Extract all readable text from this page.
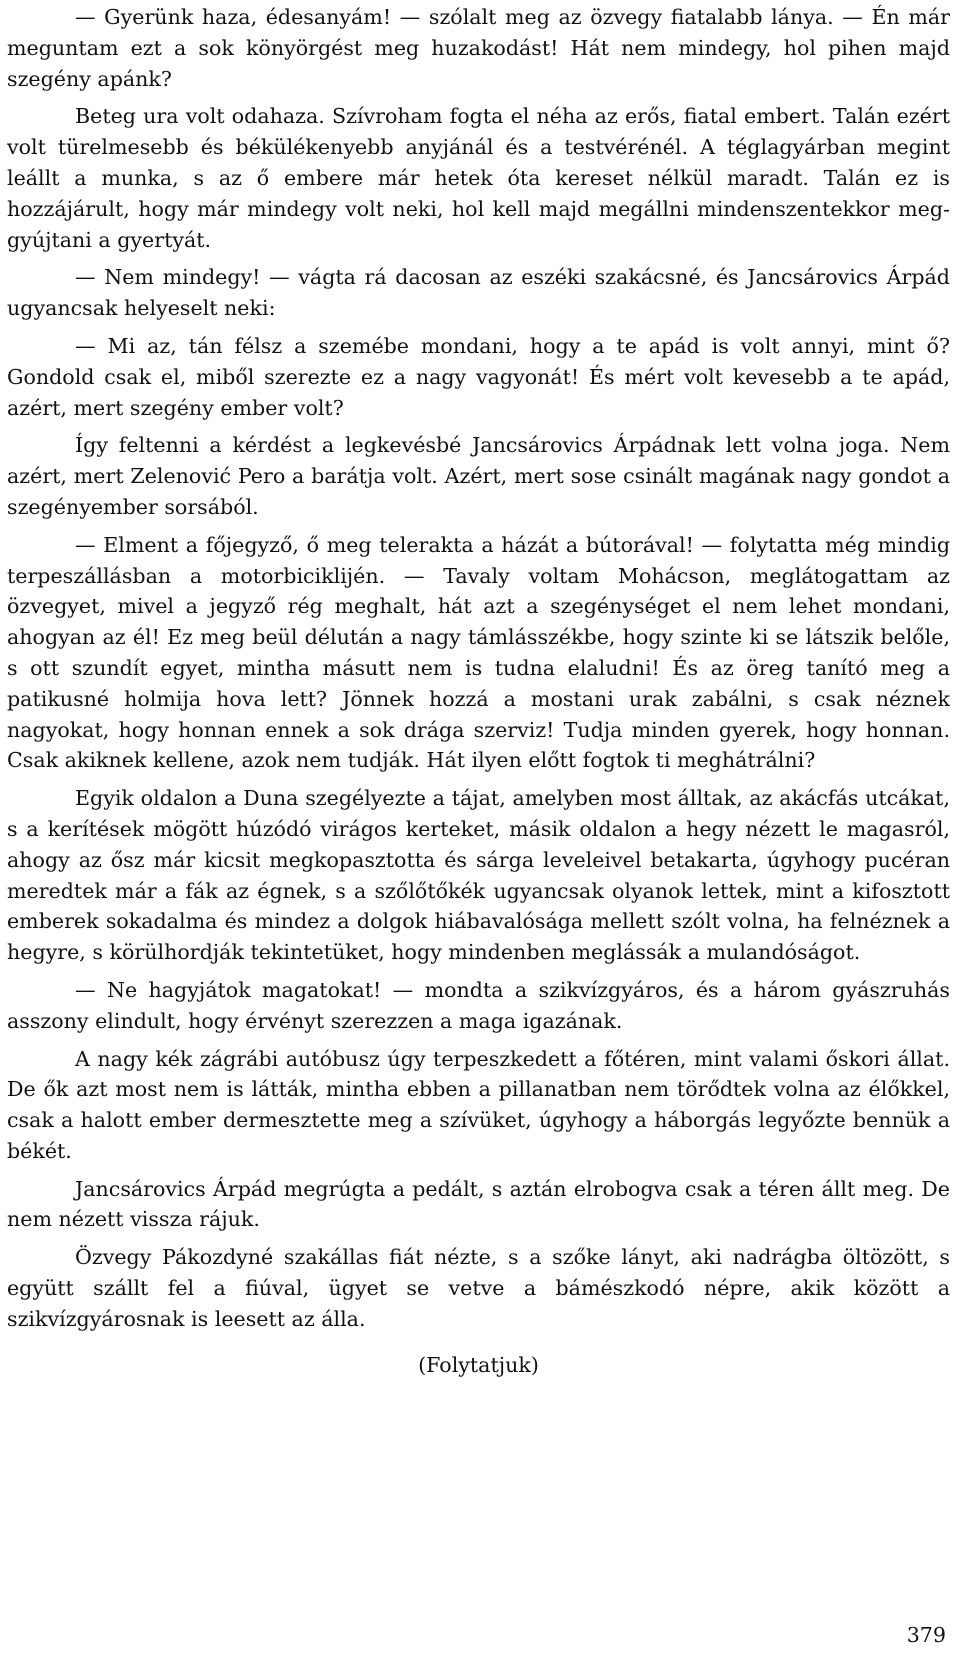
— Gyerünk haza, édesanyám! — szólalt meg az özvegy fiatalabb lánya. — Én már meguntam ezt a sok könyörgést meg huzakodást! Hát nem mindegy, hol pihen majd szegény apánk?

Beteg ura volt odahaza. Szívroham fogta el néha az erős, fiatal embert. Talán ezért volt türelmesebb és békülékenyebb anyjánál és a testvérénél. A téglagyárban megint leállt a munka, s az ő embere már hetek óta kereset nélkül maradt. Talán ez is hozzájárult, hogy már mindegy volt neki, hol kell majd megállni mindenszentekkor meggyújtani a gyertyát.

— Nem mindegy! — vágta rá dacosan az eszéki szakácsné, és Jancsárovics Árpád ugyancsak helyeselt neki:

— Mi az, tán félsz a szemébe mondani, hogy a te apád is volt annyi, mint ő? Gondold csak el, miből szerezte ez a nagy vagyonát! És mért volt kevesebb a te apád, azért, mert szegény ember volt?

Így feltenni a kérdést a legkevésbé Jancsárovics Árpádnak lett volna joga. Nem azért, mert Zelenović Pero a barátja volt. Azért, mert sose csinált magának nagy gondot a szegényember sorsából.

— Elment a főjegyző, ő meg telerakta a házát a bútorával! — folytatta még mindig terpeszállásban a motorbiciklijén. — Tavaly voltam Mohácson, meglátogattam az özvegyet, mivel a jegyző rég meghalt, hát azt a szegénységet el nem lehet mondani, ahogyan az él! Ez meg beül délután a nagy támlásszékbe, hogy szinte ki se látszik belőle, s ott szundít egyet, mintha másutt nem is tudna elaludni! És az öreg tanító meg a patikusné holmija hova lett? Jönnek hozzá a mostani urak zabálni, s csak néznek nagyokat, hogy honnan ennek a sok drága szerviz! Tudja minden gyerek, hogy honnan. Csak akiknek kellene, azok nem tudják. Hát ilyen előtt fogtok ti meghátrálni?

Egyik oldalon a Duna szegélyezte a tájat, amelyben most álltak, az akácfás utcákat, s a kerítések mögött húzódó virágos kerteket, másik oldalon a hegy nézett le magasról, ahogy az ősz már kicsit megkopasztotta és sárga leveleivel betakarta, úgyhogy pucéran meredtek már a fák az égnek, s a szőlőtőkék ugyancsak olyanok lettek, mint a kifosztott emberek sokadalma és mindez a dolgok hiábavalósága mellett szólt volna, ha felnéznek a hegyre, s körülhordják tekintetüket, hogy mindenben meglássák a mulandóságot.

— Ne hagyjátok magatokat! — mondta a szikvízgyáros, és a három gyászruhás asszony elindult, hogy érvényt szerezzen a maga igazának.

A nagy kék zágrábi autóbusz úgy terpeszkedett a főtéren, mint valami őskori állat. De ők azt most nem is látták, mintha ebben a pillanatban nem törődtek volna az élőkkel, csak a halott ember dermesztette meg a szívüket, úgyhogy a háborgás legyőzte bennük a békét.

Jancsárovics Árpád megrúgta a pedált, s aztán elrobogva csak a téren állt meg. De nem nézett vissza rájuk.

Özvegy Pákozdyné szakállas fiát nézte, s a szőke lányt, aki nadrágba öltözött, s együtt szállt fel a fiúval, ügyet se vetve a bámészkodó népre, akik között a szikvízgyárosnak is leesett az álla.

(Folytatjuk)

379
